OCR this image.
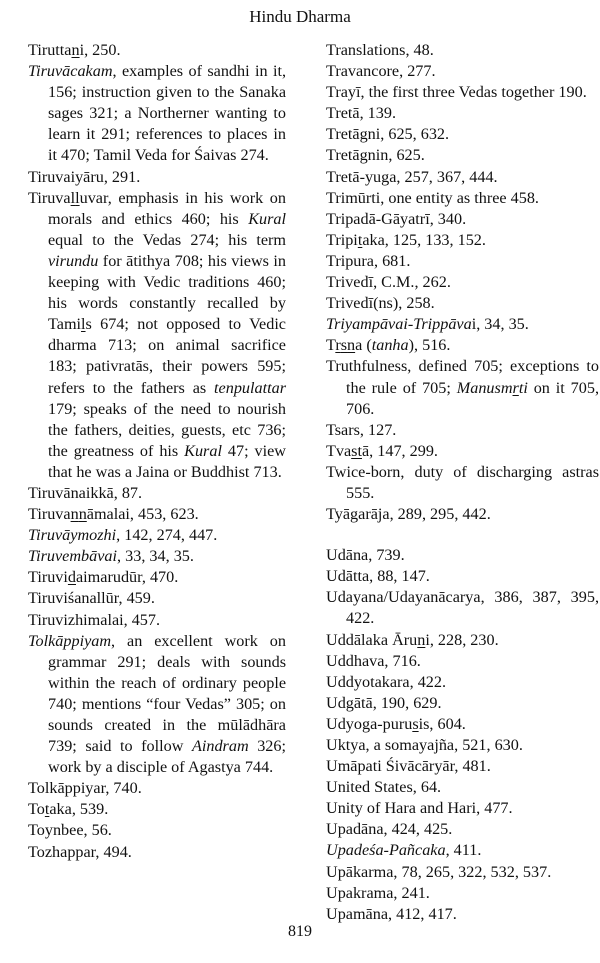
Hindu Dharma
Tiruttani, 250.
Tiruvācakam, examples of sandhi in it, 156; instruction given to the Sanaka sages 321; a Northerner wanting to learn it 291; references to places in it 470; Tamil Veda for Śaivas 274.
Tiruvaiyāru, 291.
Tiruvalluvar, emphasis in his work on morals and ethics 460; his Kural equal to the Vedas 274; his term virundu for ātithya 708; his views in keeping with Vedic traditions 460; his words constantly recalled by Tamils 674; not opposed to Vedic dharma 713; on animal sacrifice 183; pativratās, their powers 595; refers to the fathers as tenpulattar 179; speaks of the need to nourish the fathers, deities, guests, etc 736; the greatness of his Kural 47; view that he was a Jaina or Buddhist 713.
Tiruvānaikkā, 87.
Tiruvannāmalai, 453, 623.
Tiruvāymozhi, 142, 274, 447.
Tiruvembāvai, 33, 34, 35.
Tiruvidaimarudūr, 470.
Tiruviśanallūr, 459.
Tiruvizhimalai, 457.
Tolkāppiyam, an excellent work on grammar 291; deals with sounds within the reach of ordinary people 740; mentions “four Vedas” 305; on sounds created in the mūlādhāra 739; said to follow Aindram 326; work by a disciple of Agastya 744.
Tolkāppiyar, 740.
Totaka, 539.
Toynbee, 56.
Tozhappar, 494.
Translations, 48.
Travancore, 277.
Trayī, the first three Vedas together 190.
Tretā, 139.
Tretāgni, 625, 632.
Tretāgnin, 625.
Tretā-yuga, 257, 367, 444.
Trimūrti, one entity as three 458.
Tripadā-Gāyatrī, 340.
Tripitaka, 125, 133, 152.
Tripura, 681.
Trivedī, C.M., 262.
Trivedī(ns), 258.
Triyampāvai-Trippāvai, 34, 35.
Trsna (tanha), 516.
Truthfulness, defined 705; exceptions to the rule of 705; Manusmrti on it 705, 706.
Tsars, 127.
Tvastā, 147, 299.
Twice-born, duty of discharging astras 555.
Tyāgarāja, 289, 295, 442.
Udāna, 739.
Udātta, 88, 147.
Udayana/Udayanācarya, 386, 387, 395, 422.
Uddālaka Āruni, 228, 230.
Uddhava, 716.
Uddyotakara, 422.
Udgātā, 190, 629.
Udyoga-purusis, 604.
Uktya, a somayajña, 521, 630.
Umāpati Śivācāryār, 481.
United States, 64.
Unity of Hara and Hari, 477.
Upadāna, 424, 425.
Upadeśa-Pañcaka, 411.
Upākarma, 78, 265, 322, 532, 537.
Upakrama, 241.
Upamāna, 412, 417.
819
